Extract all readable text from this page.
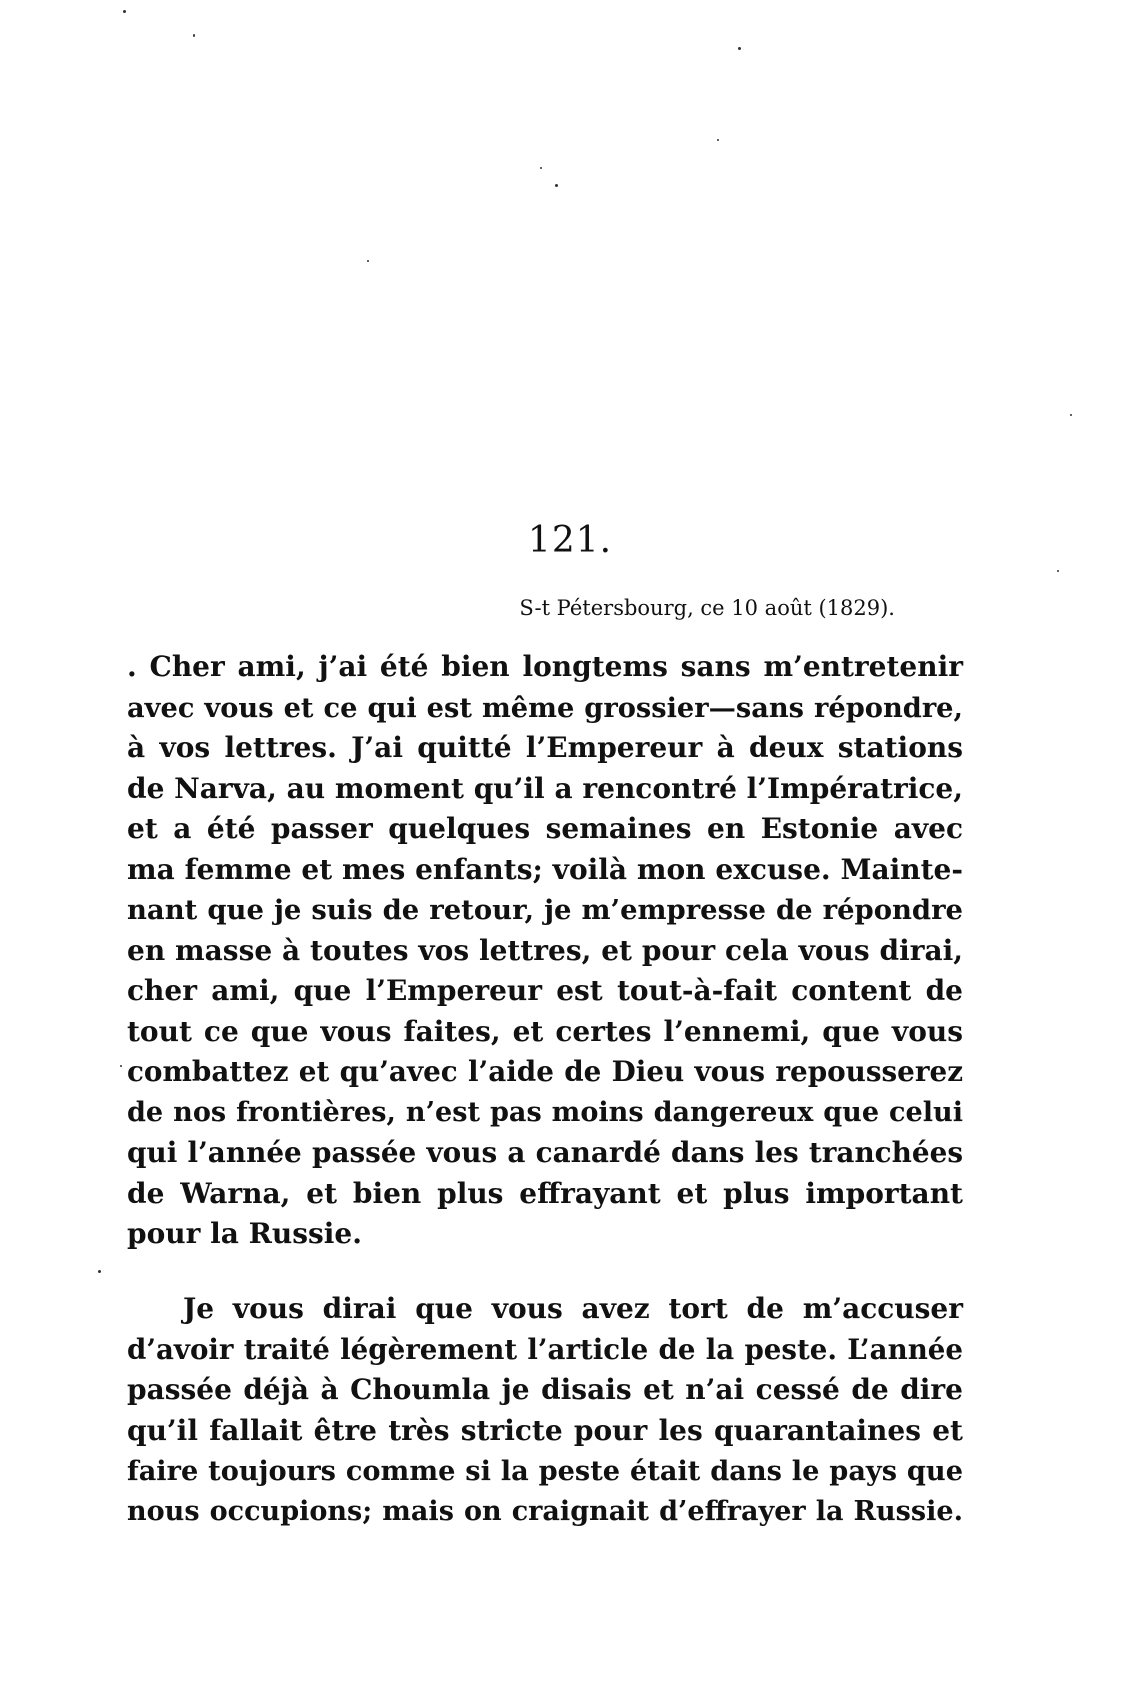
121.
S-t Pétersbourg, ce 10 août (1829).
. Cher ami, j’ai été bien longtems sans m’entretenir
avec vous et ce qui est même grossier—sans répondre,
à vos lettres. J’ai quitté l’Empereur à deux stations
de Narva, au moment qu’il a rencontré l’Impératrice,
et a été passer quelques semaines en Estonie avec
ma femme et mes enfants; voilà mon excuse. Mainte-
nant que je suis de retour, je m’empresse de répondre
en masse à toutes vos lettres, et pour cela vous dirai,
cher ami, que l’Empereur est tout-à-fait content de
tout ce que vous faites, et certes l’ennemi, que vous
combattez et qu’avec l’aide de Dieu vous repousserez
de nos frontières, n’est pas moins dangereux que celui
qui l’année passée vous a canardé dans les tranchées
de Warna, et bien plus effrayant et plus important
pour la Russie.
Je vous dirai que vous avez tort de m’accuser
d’avoir traité légèrement l’article de la peste. L’année
passée déjà à Choumla je disais et n’ai cessé de dire
qu’il fallait être très stricte pour les quarantaines et
faire toujours comme si la peste était dans le pays que
nous occupions; mais on craignait d’effrayer la Russie.
